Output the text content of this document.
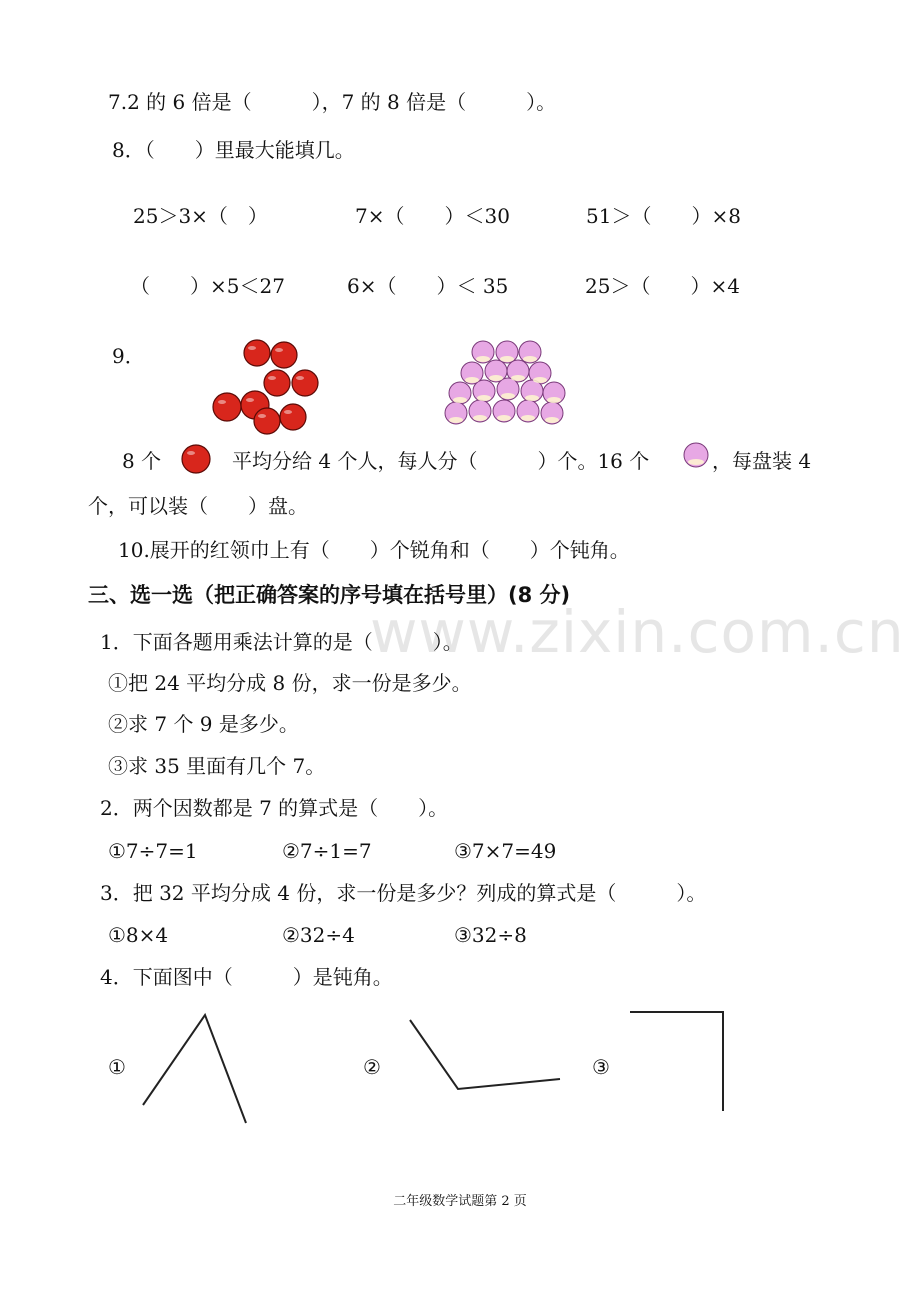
www.zixin.com.cn
7.2 的 6 倍是（　　　），7 的 8 倍是（　　　）。
8．（　　）里最大能填几。
25＞3×（　）	7×（　　）＜30	51＞（　　）×8
（　　）×5＜27	6×（　　）＜ 35	25＞（　　）×4
9．
8 个	平均分给 4 个人，每人分（　　　）个。16 个	，每盘装 4
个，可以装（　　）盘。
10.展开的红领巾上有（　　）个锐角和（　　）个钝角。
三、选一选（把正确答案的序号填在括号里）(8 分)
1．下面各题用乘法计算的是（　　　）。
①把 24 平均分成 8 份，求一份是多少。
②求 7 个 9 是多少。
③求 35 里面有几个 7。
2．两个因数都是 7 的算式是（　　）。
①7÷7=1	②7÷1=7	③7×7=49
3．把 32 平均分成 4 份，求一份是多少？列成的算式是（　　　）。
①8×4	②32÷4	③32÷8
4．下面图中（　　　）是钝角。
①	②	③
二年级数学试题第 2 页
